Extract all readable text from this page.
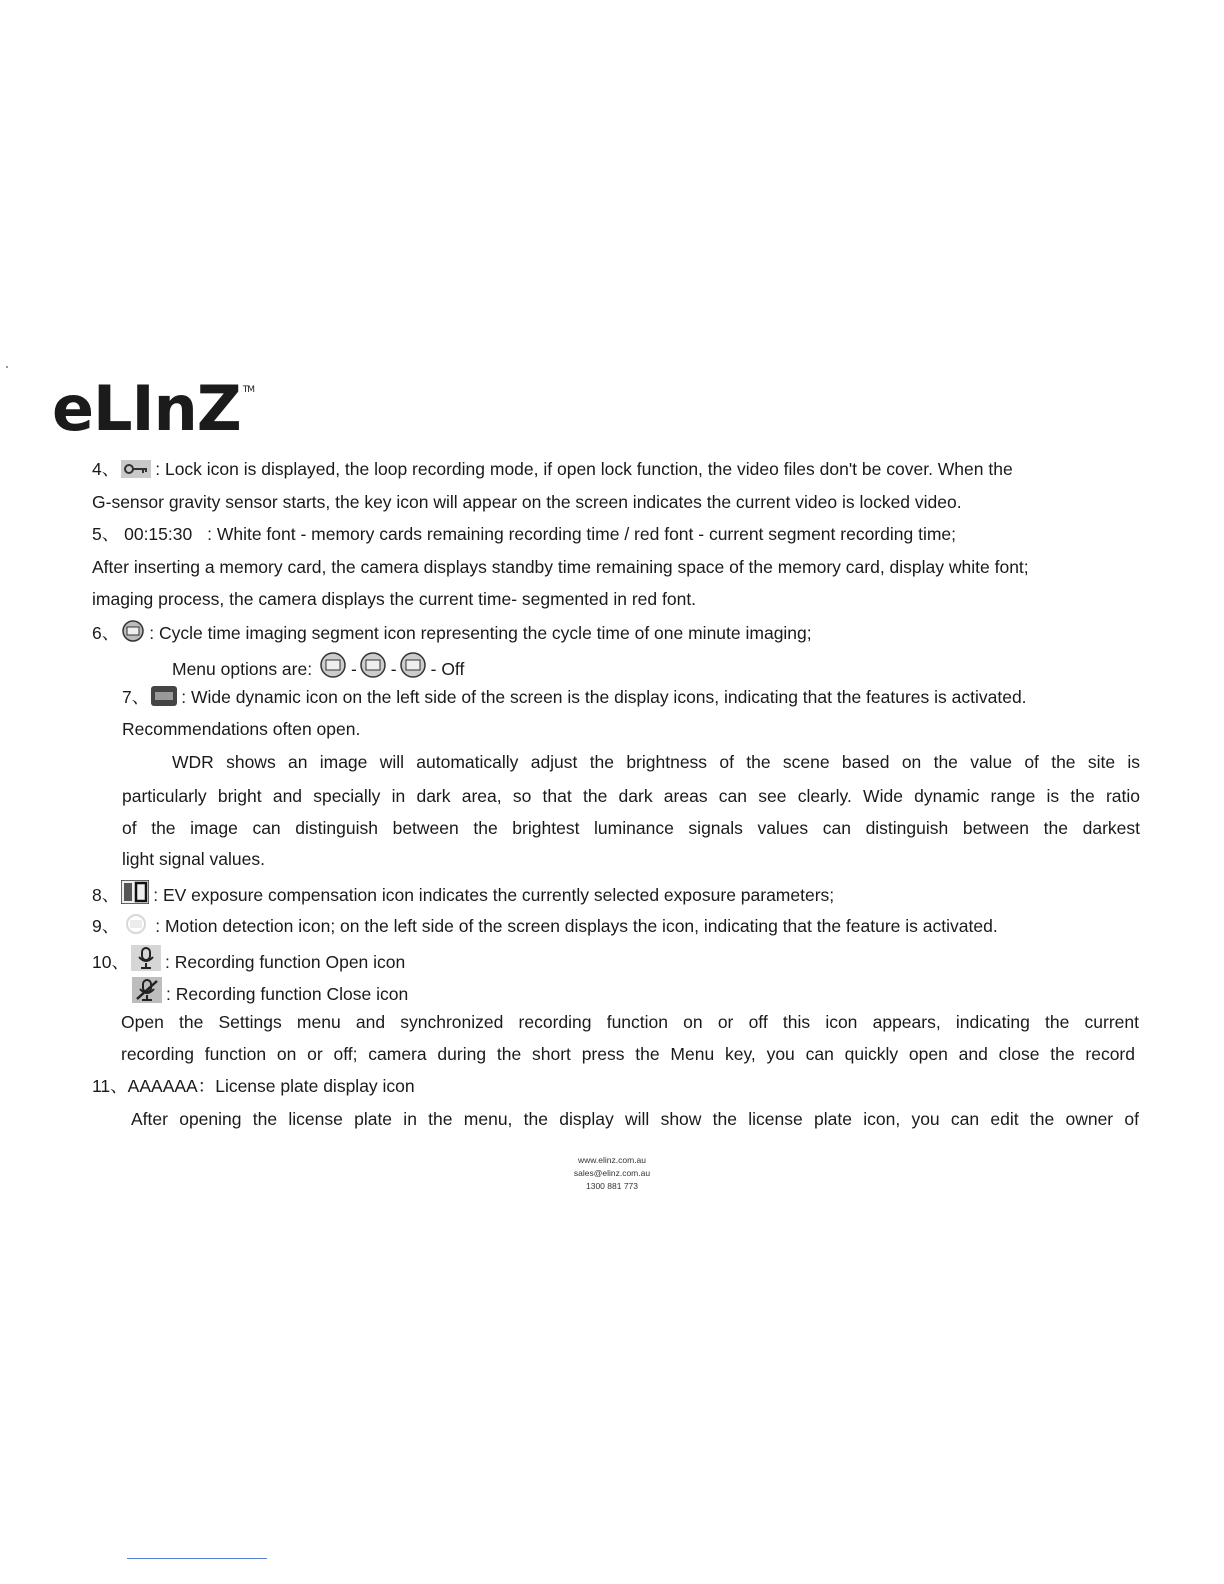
eLInZ ™
4、 : Lock icon is displayed, the loop recording mode, if open lock function, the video files don't be cover. When the
G-sensor gravity sensor starts, the key icon will appear on the screen indicates the current video is locked video.
5、 00:15:30 : White font - memory cards remaining recording time / red font - current segment recording time;
After inserting a memory card, the camera displays standby time remaining space of the memory card, display white font;
imaging process, the camera displays the current time- segmented in red font.
6、 : Cycle time imaging segment icon representing the cycle time of one minute imaging;
Menu options are: - - - Off
7、 : Wide dynamic icon on the left side of the screen is the display icons, indicating that the features is activated.
Recommendations often open.
WDR shows an image will automatically adjust the brightness of the scene based on the value of the site is
particularly bright and specially in dark area, so that the dark areas can see clearly. Wide dynamic range is the ratio
of the image can distinguish between the brightest luminance signals values can distinguish between the darkest
light signal values.
8、 : EV exposure compensation icon indicates the currently selected exposure parameters;
9、 : Motion detection icon; on the left side of the screen displays the icon, indicating that the feature is activated.
10、 : Recording function Open icon
: Recording function Close icon
Open the Settings menu and synchronized recording function on or off this icon appears, indicating the current
recording function on or off; camera during the short press the Menu key, you can quickly open and close the record
11、AAAAAA：License plate display icon
After opening the license plate in the menu, the display will show the license plate icon, you can edit the owner of
www.elinz.com.au
sales@elinz.com.au
1300 881 773
